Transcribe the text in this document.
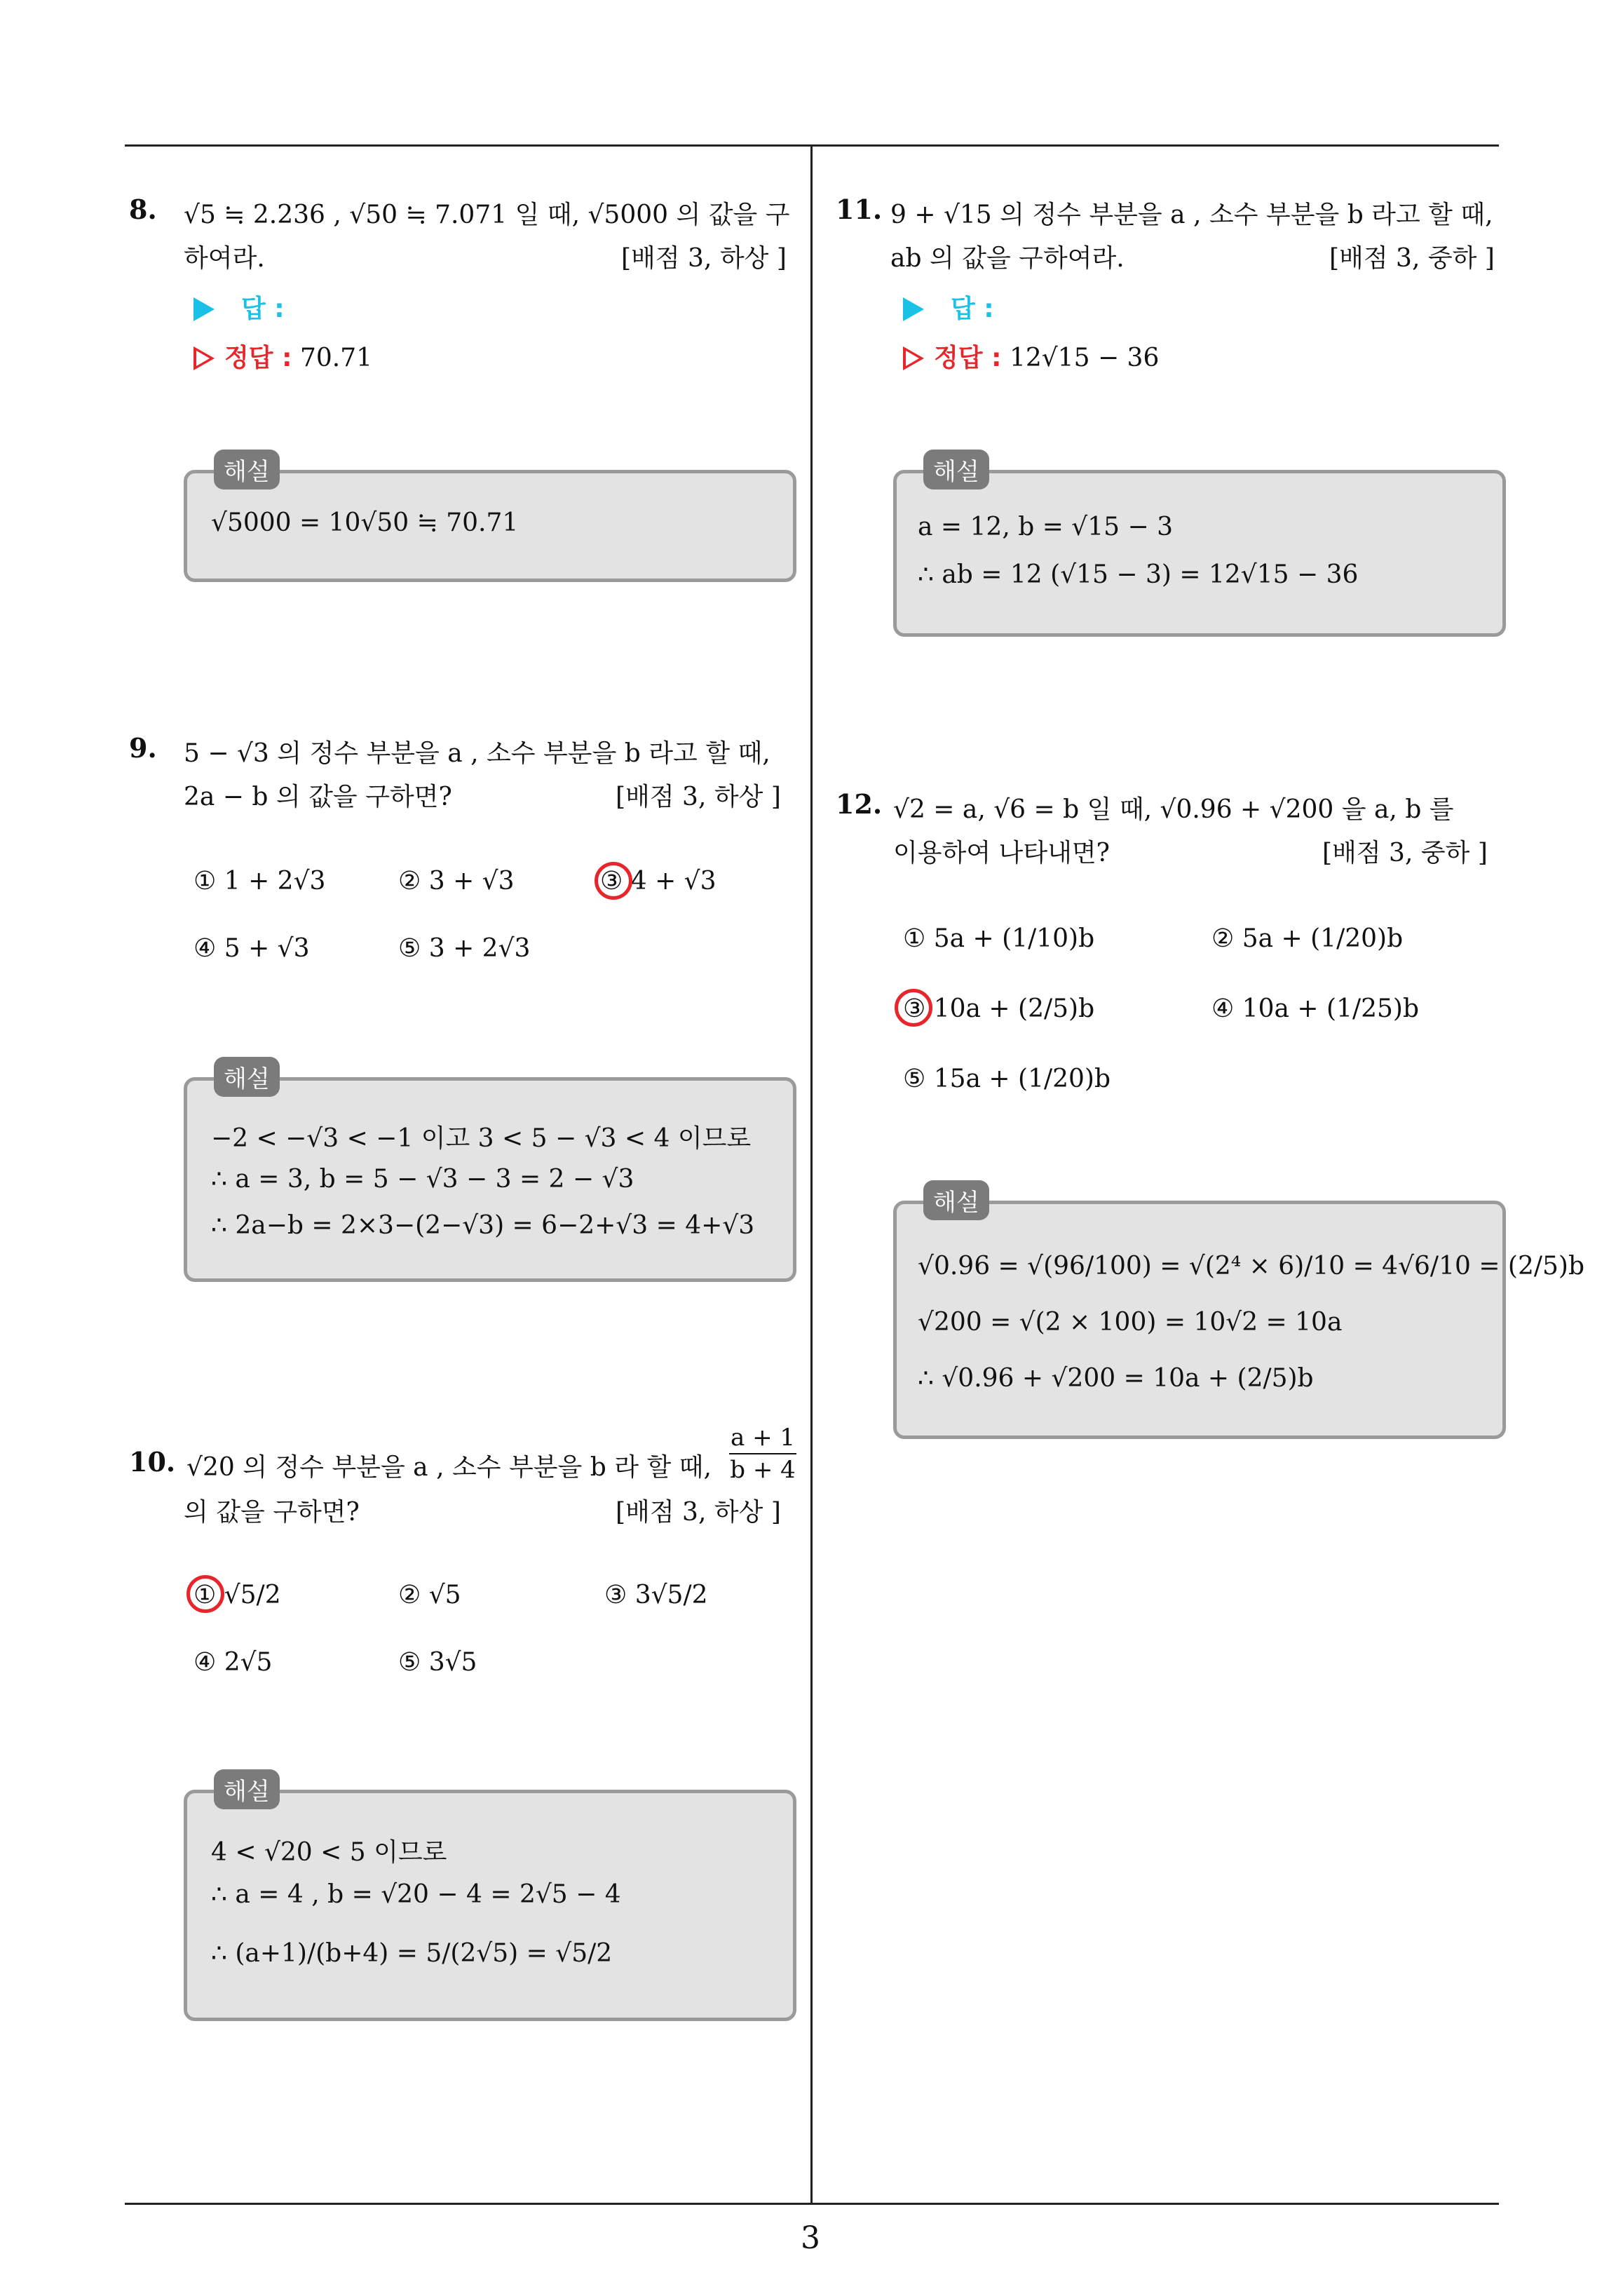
3
8. √5 ≒ 2.236 , √50 ≒ 7.071 일 때, √5000 의 값을 구
하여라.	[배점 3, 하상 ]
답 :
정답 : 70.71
해설
√5000 = 10√50 ≒ 70.71
9. 5 − √3 의 정수 부분을 a , 소수 부분을 b 라고 할 때,
2a − b 의 값을 구하면?	[배점 3, 하상 ]
① 1 + 2√3	② 3 + √3	③ 4 + √3
④ 5 + √3	⑤ 3 + 2√3
해설
−2 < −√3 < −1 이고 3 < 5 − √3 < 4 이므로
∴ a = 3, b = 5 − √3 − 3 = 2 − √3
∴ 2a−b = 2×3−(2−√3) = 6−2+√3 = 4+√3
10. √20 의 정수 부분을 a , 소수 부분을 b 라 할 때, $\frac{a + 1}{b + 4}$
의 값을 구하면?	[배점 3, 하상 ]
① √5/2	② √5	③ 3√5/2
④ 2√5	⑤ 3√5
해설
4 < √20 < 5 이므로
∴ a = 4 , b = √20 − 4 = 2√5 − 4
∴ (a+1)/(b+4) = 5/(2√5) = √5/2
11. 9 + √15 의 정수 부분을 a , 소수 부분을 b 라고 할 때,
ab 의 값을 구하여라.	[배점 3, 중하 ]
답 :
정답 : 12√15 − 36
해설
a = 12, b = √15 − 3
∴ ab = 12 (√15 − 3) = 12√15 − 36
12. √2 = a, √6 = b 일 때, √0.96 + √200 을 a, b 를
이용하여 나타내면?	[배점 3, 중하 ]
① 5a + (1/10)b	② 5a + (1/20)b
③ 10a + (2/5)b	④ 10a + (1/25)b
⑤ 15a + (1/20)b
해설
√0.96 = √(96/100) = √(2⁴ × 6)/10 = 4√6/10 = (2/5)b
√200 = √(2 × 100) = 10√2 = 10a
∴ √0.96 + √200 = 10a + (2/5)b
